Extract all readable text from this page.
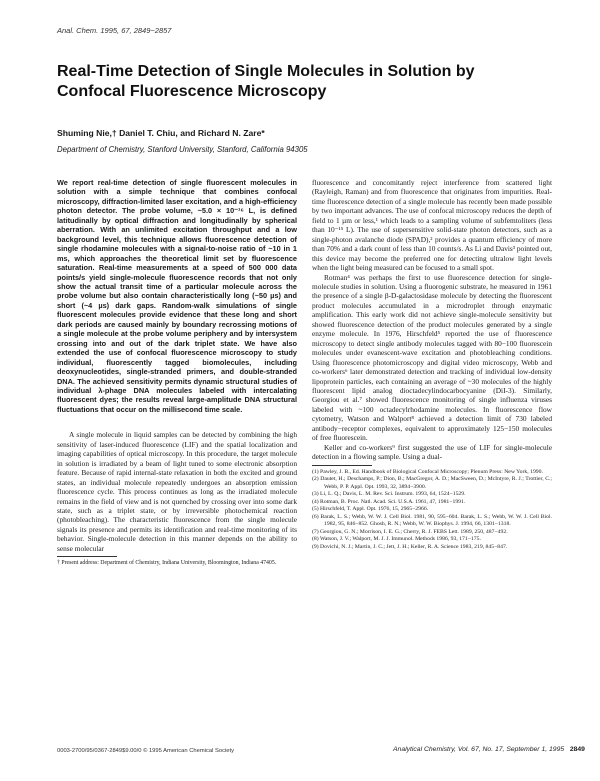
Anal. Chem. 1995, 67, 2849−2857
Real-Time Detection of Single Molecules in Solution by Confocal Fluorescence Microscopy
Shuming Nie,† Daniel T. Chiu, and Richard N. Zare*
Department of Chemistry, Stanford University, Stanford, California 94305

We report real-time detection of single fluorescent molecules in solution with a simple technique that combines confocal microscopy, diffraction-limited laser excitation, and a high-efficiency photon detector. The probe volume, ~5.0 × 10⁻¹⁶ L, is defined latitudinally by optical diffraction and longitudinally by spherical aberration. With an unlimited excitation throughput and a low background level, this technique allows fluorescence detection of single rhodamine molecules with a signal-to-noise ratio of ~10 in 1 ms, which approaches the theoretical limit set by fluorescence saturation. Real-time measurements at a speed of 500 000 data points/s yield single-molecule fluorescence records that not only show the actual transit time of a particular molecule across the probe volume but also contain characteristically long (~50 µs) and short (~4 µs) dark gaps. Random-walk simulations of single fluorescent molecules provide evidence that these long and short dark periods are caused mainly by boundary recrossing motions of a single molecule at the probe volume periphery and by intersystem crossing into and out of the dark triplet state. We have also extended the use of confocal fluorescence microscopy to study individual, fluorescently tagged biomolecules, including deoxynucleotides, single-stranded primers, and double-stranded DNA. The achieved sensitivity permits dynamic structural studies of individual λ-phage DNA molecules labeled with intercalating fluorescent dyes; the results reveal large-amplitude DNA structural fluctuations that occur on the millisecond time scale.

A single molecule in liquid samples can be detected by combining the high sensitivity of laser-induced fluorescence (LIF) and the spatial localization and imaging capabilities of optical microscopy. In this procedure, the target molecule in solution is irradiated by a beam of light tuned to some electronic absorption feature. Because of rapid internal-state relaxation in both the excited and ground states, an individual molecule repeatedly undergoes an absorption emission fluorescence cycle. This process continues as long as the irradiated molecule remains in the field of view and is not quenched by crossing over into some dark state, such as a triplet state, or by irreversible photochemical reaction (photobleaching). The characteristic fluorescence from the single molecule signals its presence and permits its identification and real-time monitoring of its behavior. Single-molecule detection in this manner depends on the ability to sense molecular

† Present address: Department of Chemistry, Indiana University, Bloomington, Indiana 47405.

fluorescence and concomitantly reject interference from scattered light (Rayleigh, Raman) and from fluorescence that originates from impurities. Real-time fluorescence detection of a single molecule has recently been made possible by two important advances. The use of confocal microscopy reduces the depth of field to 1 µm or less,¹ which leads to a sampling volume of subfemtoliters (less than 10⁻¹⁵ L). The use of supersensitive solid-state photon detectors, such as a single-photon avalanche diode (SPAD),² provides a quantum efficiency of more than 70% and a dark count of less than 10 counts/s. As Li and Davis³ pointed out, this device may become the preferred one for detecting ultralow light levels when the light being measured can be focused to a small spot.

Rotman⁴ was perhaps the first to use fluorescence detection for single-molecule studies in solution. Using a fluorogenic substrate, he measured in 1961 the presence of a single β-D-galactosidase molecule by detecting the fluorescent product molecules accumulated in a microdroplet through enzymatic amplification. This early work did not achieve single-molecule sensitivity but showed fluorescence detection of the product molecules generated by a single enzyme molecule. In 1976, Hirschfeld⁵ reported the use of fluorescence microscopy to detect single antibody molecules tagged with 80−100 fluorescein molecules under evanescent-wave excitation and photobleaching conditions. Using fluorescence photomicroscopy and digital video microscopy, Webb and co-workers⁶ later demonstrated detection and tracking of individual low-density lipoprotein particles, each containing an average of ~30 molecules of the highly fluorescent lipid analog dioctadecylindocarbocyanine (DiI-3). Similarly, Georgiou et al.⁷ showed fluorescence monitoring of single influenza viruses labeled with ~100 octadecylrhodamine molecules. In fluorescence flow cytometry, Watson and Walport⁸ achieved a detection limit of 730 labeled antibody−receptor complexes, equivalent to approximately 125−150 molecules of free fluorescein.

Keller and co-workers⁹ first suggested the use of LIF for single-molecule detection in a flowing sample. Using a dual-

(1) Pawley, J. B., Ed. Handbook of Biological Confocal Microscopy; Plenum Press: New York, 1990.
(2) Dautet, H.; Deschamps, P.; Dion, B.; MacGregor, A. D.; MacSween, D.; McIntyre, R. J.; Trottier, C.; Webb, P. P. Appl. Opt. 1993, 32, 3894−3900.
(3) Li, L. Q.; Davis, L. M. Rev. Sci. Instrum. 1993, 64, 1524−1529.
(4) Rotman, B. Proc. Natl. Acad. Sci. U.S.A. 1961, 47, 1981−1991.
(5) Hirschfeld, T. Appl. Opt. 1976, 15, 2965−2966.
(6) Barak, L. S.; Webb, W. W. J. Cell Biol. 1981, 90, 595−604. Barak, L. S.; Webb, W. W. J. Cell Biol. 1982, 95, 846−852. Ghosh, R. N.; Webb, W. W. Biophys. J. 1994, 66, 1301−1318.
(7) Georgiou, G. N.; Morrison, I. E. G.; Cherry, R. J. FEBS Lett. 1989, 250, 487−492.
(8) Watson, J. V.; Walport, M. J. J. Immunol. Methods 1986, 93, 171−175.
(9) Dovichi, N. J.; Martin, J. C.; Jett, J. H.; Keller, R. A. Science 1983, 219, 845−847.
0003-2700/95/0367-2849$9.00/0 © 1995 American Chemical Society	Analytical Chemistry, Vol. 67, No. 17, September 1, 1995 2849
